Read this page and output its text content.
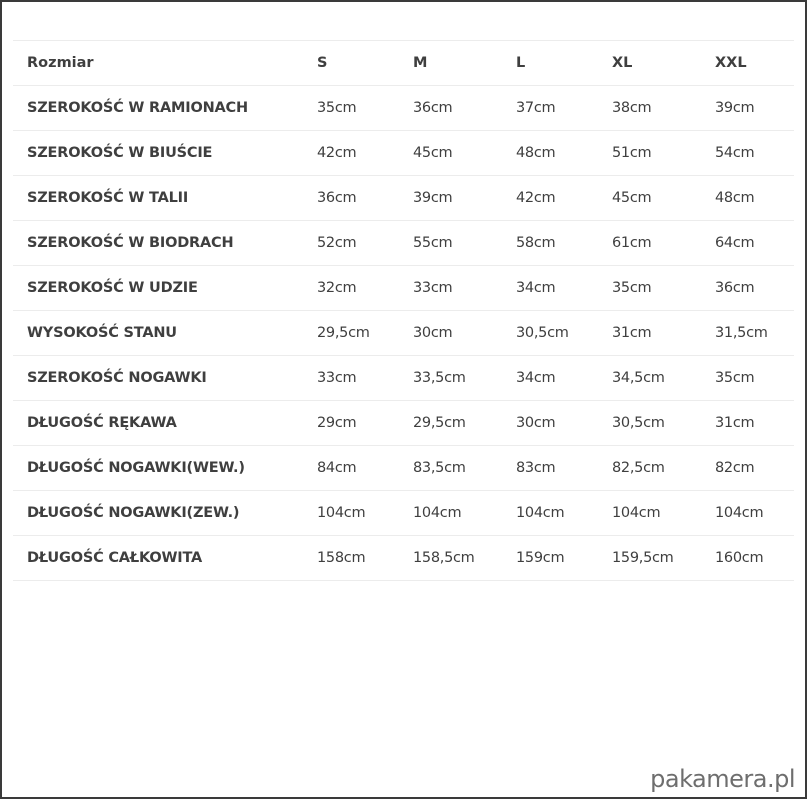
Rozmiar	S	M	L	XL	XXL
SZEROKOŚĆ W RAMIONACH	35cm	36cm	37cm	38cm	39cm
SZEROKOŚĆ W BIUŚCIE	42cm	45cm	48cm	51cm	54cm
SZEROKOŚĆ W TALII	36cm	39cm	42cm	45cm	48cm
SZEROKOŚĆ W BIODRACH	52cm	55cm	58cm	61cm	64cm
SZEROKOŚĆ W UDZIE	32cm	33cm	34cm	35cm	36cm
WYSOKOŚĆ STANU	29,5cm	30cm	30,5cm	31cm	31,5cm
SZEROKOŚĆ NOGAWKI	33cm	33,5cm	34cm	34,5cm	35cm
DŁUGOŚĆ RĘKAWA	29cm	29,5cm	30cm	30,5cm	31cm
DŁUGOŚĆ NOGAWKI(WEW.)	84cm	83,5cm	83cm	82,5cm	82cm
DŁUGOŚĆ NOGAWKI(ZEW.)	104cm	104cm	104cm	104cm	104cm
DŁUGOŚĆ CAŁKOWITA	158cm	158,5cm	159cm	159,5cm	160cm
pakamera.pl
